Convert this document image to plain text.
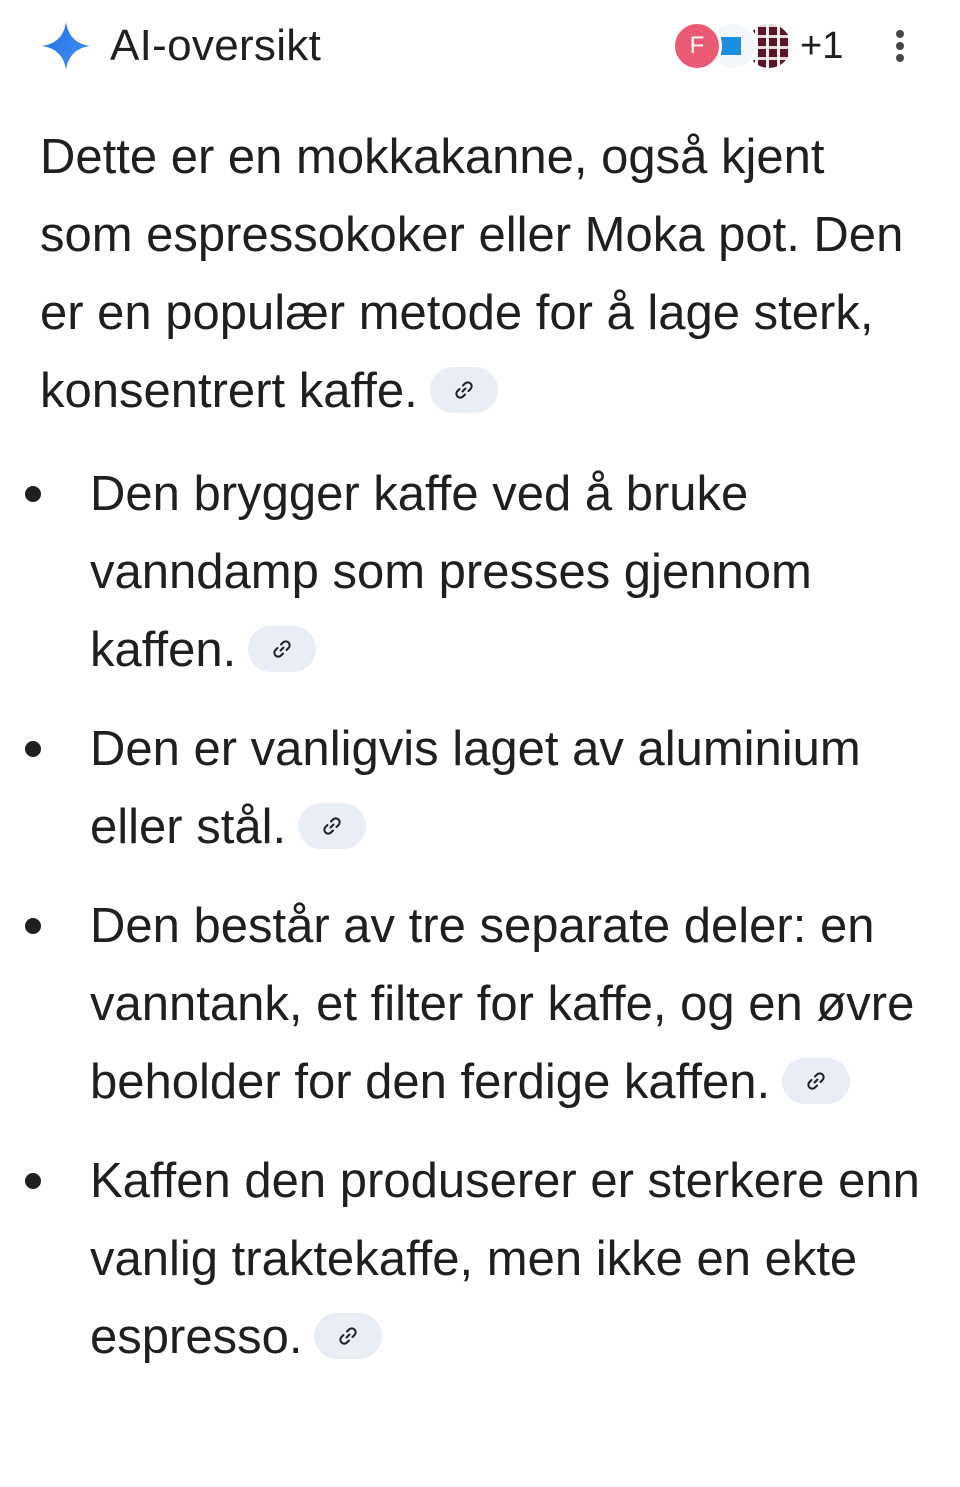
AI-oversikt	F	+1

Dette er en mokkakanne, også kjent som espressokoker eller Moka pot. Den er en populær metode for å lage sterk, konsentrert kaffe.

Den brygger kaffe ved å bruke vanndamp som presses gjennom kaffen.
Den er vanligvis laget av aluminium eller stål.
Den består av tre separate deler: en vanntank, et filter for kaffe, og en øvre beholder for den ferdige kaffen.
Kaffen den produserer er sterkere enn vanlig traktekaffe, men ikke en ekte espresso.
